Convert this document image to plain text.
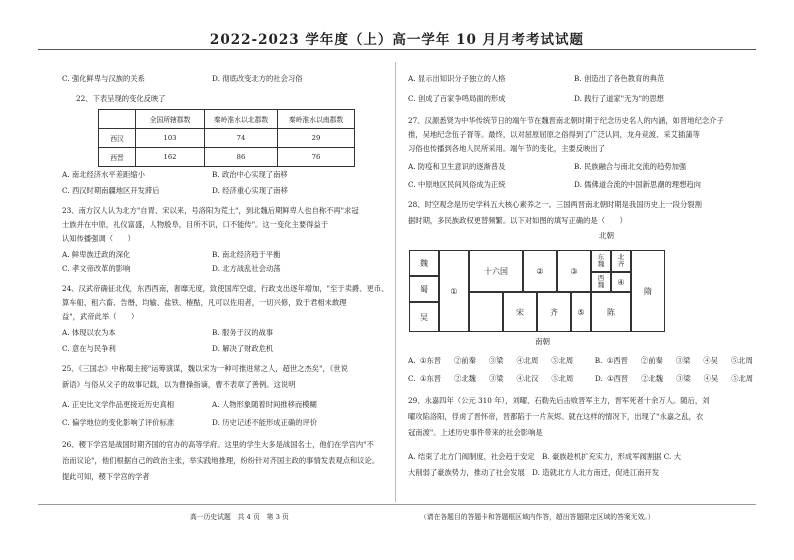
2022-2023 学年度（上）高一学年 10 月月考考试试题
C. 强化鲜卑与汉族的关系	D. 彻底改变北方的社会习俗
22、下表呈现的变化反映了
	全国所辖郡数	秦岭淮水以北郡数	秦岭淮水以南郡数
西汉	103	74	29
西晋	162	86	76
A. 南北经济水平差距缩小	B. 政治中心实现了南移
C. 西汉时期南疆地区开发滞后	D. 经济重心实现了南移
23、南方汉人认为北方"自胃、宋以来，号洛阳为荒土"，到北魏后期鲜卑人也自称不再"求冠
士族并在中原，礼仪富盛，人物殷阜，目所不识，口不能传"。这一变化主要得益于
认知传播强调（　　）
A. 鲜卑族迁政的深化	B. 南北经济趋于平衡
C. 孝文帝改革的影响	D. 北方战乱社会动荡
24、汉武帝确征北伐，东西西南，奢靡无度，致使国库空虚，行政支出逐年增加，"至于卖爵、更币、
算车船、租六畜、告缗，均输、盐铁、榷酤，凡可以佐用者，一切兴修，致于君相未敢理
益"，武帝此举（　　）
A. 体现以农为本	B. 服务于汉的战事
C. 意在与民争利	D. 解决了财政危机
25、《三国志》中称蜀主接"运筹演谋，魏以宋为一种可推进常之人，超世之杰矣"，《世说
新语》与俗从父子的故事记载，以为曹操指谪，曹不表章了善例。这说明
A. 正史比文学作品更接近历史真相	A. 人物形象随着时间推移而模糊
C. 偏学地位的变化影响了评价标准	D. 历史记述不能形成正确的评价
26、稷下学宫是战国时期齐国的官办的高等学府。这里的学生大多是战国名士，他们在学宫内"不
治而议论"，他们根据自己的政治主张，举实践地推理，纷纷针对齐国主政的事情发表观点和议论。
提此可知，稷下学宫的学者
A. 显示出知识分子独立的人格	B. 创造出了各色教育的典范
C. 创成了百家争鸣局面的形成	D. 践行了道家"无为"的思想
27、汉源悉贤为中华传统节日的端午节在魏晋南北朝时期于纪念历史名人的内涵，如晋地纪念介子
推，吴地纪念伍子胥等。最终，以对屈原屈原之俗得到了广泛认同，龙舟竞渡、采艾插蒲等
习俗也传播到各地人民所采用。端午节的变化，主要反映出了
A. 防疫和卫生意识的逐渐普及	B. 民族融合与南北交流的趋势加强
C. 中原地区民间风俗成为正统	D. 儒佛道合流的中国新思潮的理想趋向
28、时空观念是历史学科五大核心素养之一。三国两晋南北朝时期是我国历史上一段分裂割
据时期，多民族政权更替频繁。以下对如图的填写正确的是（　　）
北朝
南朝
魏
蜀
吴
①
十六国	②	③
东
魏
北
齐
西
魏	④
隋
宋	齐	⑤	陈
A. ①东晋 ②前秦 ③梁 ④北周 ⑤北周	B. ①西晋 ②前秦 ③梁 ④吴 ⑤北周
C. ①东晋 ②北魏 ③梁 ④北汉 ⑤北周	D. ①西晋 ②北魏 ③梁 ④吴 ⑤北周
29、永嘉四年（公元 310 年），刘曜、石勒先后击败晋军主力，晋军死者十余万人。随后，刘
曜攻陷洛阳，俘虏了晋怀帝，晋都陷于一片灰烬。就在这样的情况下，出现了"永嘉之乱，衣
冠南渡"。上述历史事件带来的社会影响是
A. 结束了北方门阀制度，社会趋于安定　B. 豪族趁机扩充实力，形成军阀割据 C. 大
大削弱了豪族势力，推动了社会发展　D. 造就北方人北方南迁，促进江南开发
高一历史试题　共 4 页　第 3 页	（请在各题目的答题卡和答题框区域内作答，超出答题限定区域的答案无效。）
